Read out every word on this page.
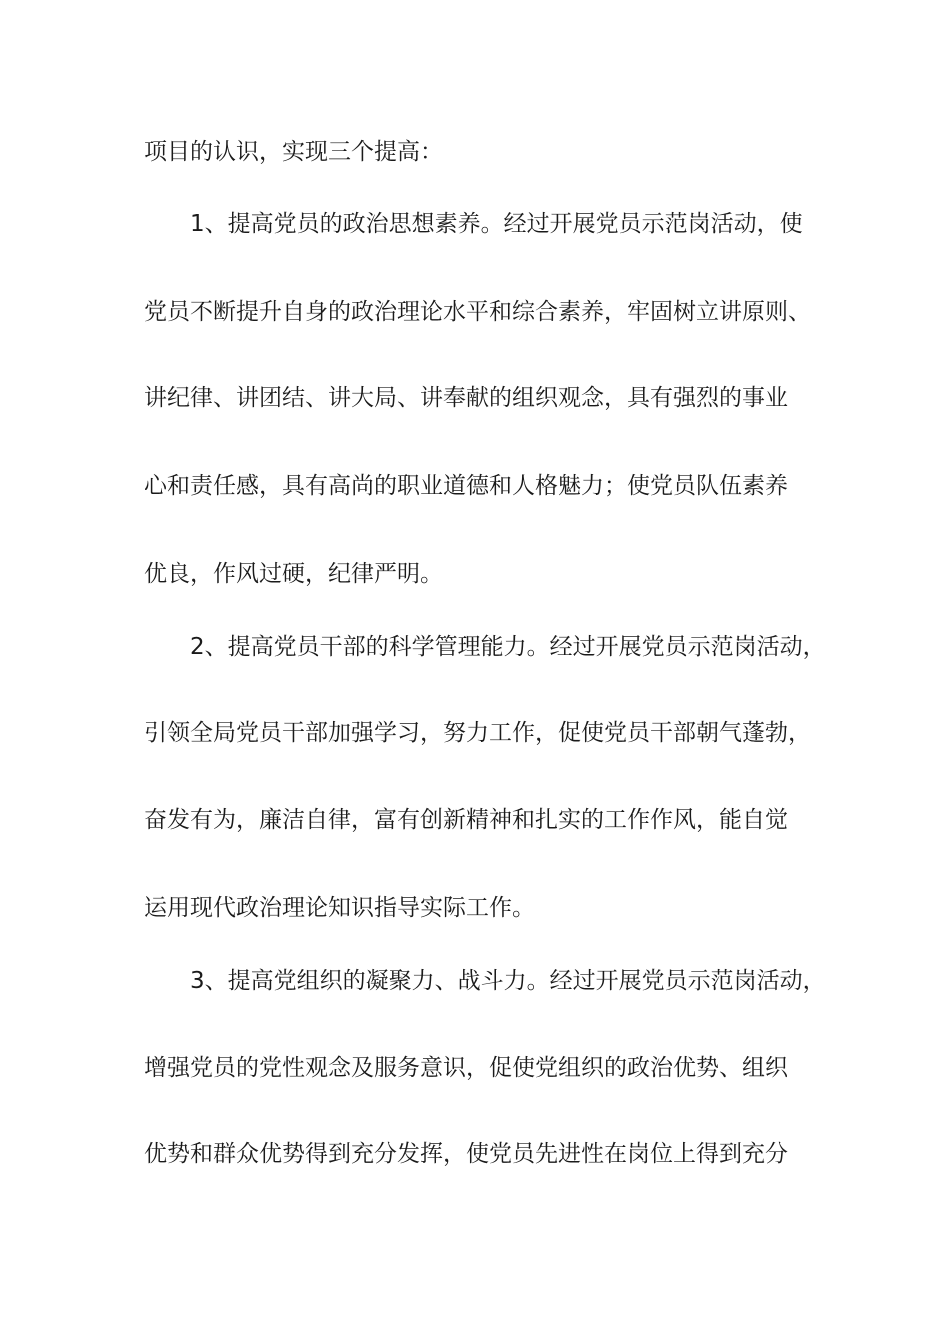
项目的认识，实现三个提高：
1、提高党员的政治思想素养。经过开展党员示范岗活动，使
党员不断提升自身的政治理论水平和综合素养，牢固树立讲原则、
讲纪律、讲团结、讲大局、讲奉献的组织观念，具有强烈的事业
心和责任感，具有高尚的职业道德和人格魅力；使党员队伍素养
优良，作风过硬，纪律严明。
2、提高党员干部的科学管理能力。经过开展党员示范岗活动，
引领全局党员干部加强学习，努力工作，促使党员干部朝气蓬勃，
奋发有为，廉洁自律，富有创新精神和扎实的工作作风，能自觉
运用现代政治理论知识指导实际工作。
3、提高党组织的凝聚力、战斗力。经过开展党员示范岗活动，
增强党员的党性观念及服务意识，促使党组织的政治优势、组织
优势和群众优势得到充分发挥，使党员先进性在岗位上得到充分
